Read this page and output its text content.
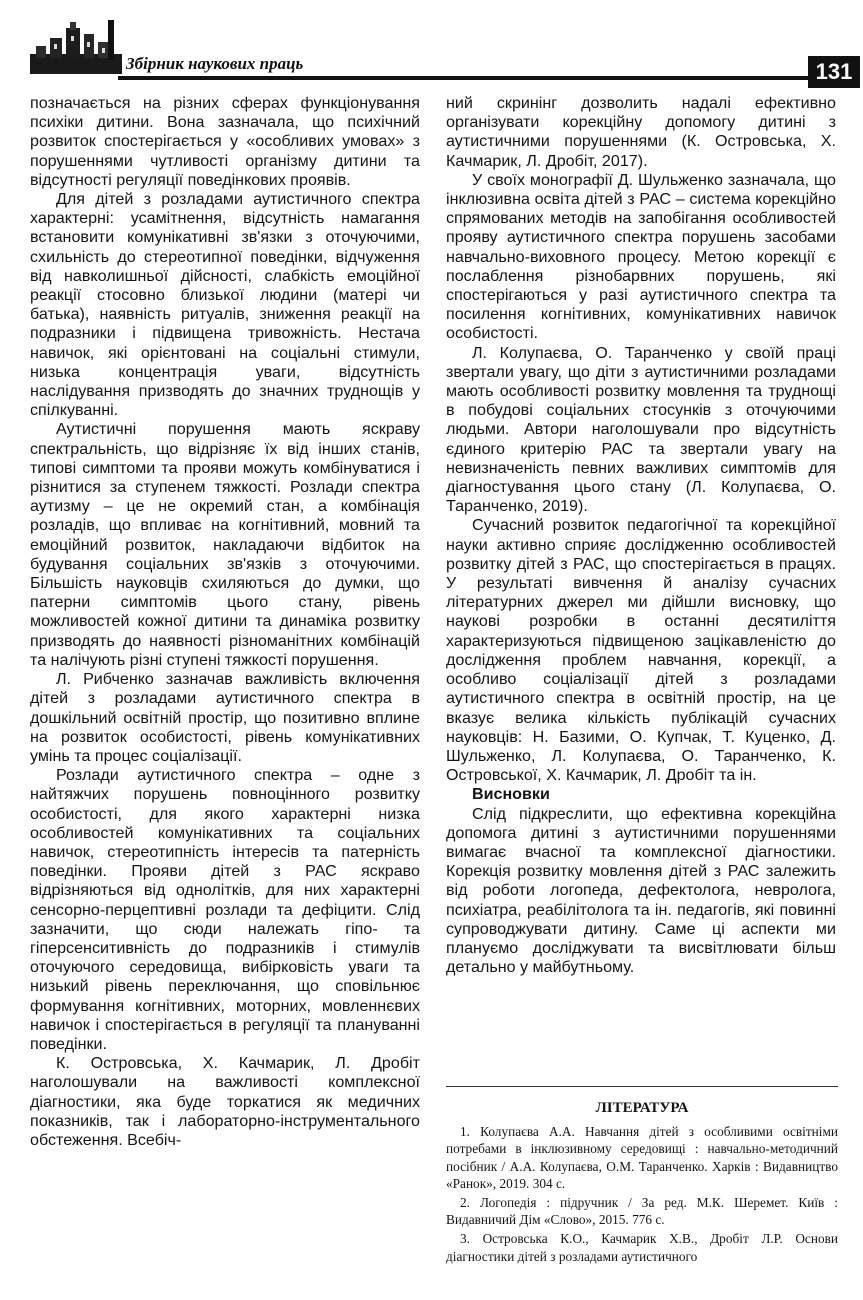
Збірник наукових праць	131

позначається на різних сферах функціонування психіки дитини. Вона зазначала, що психічний розвиток спостерігається у «особливих умовах» з порушеннями чутливості організму дитини та відсутності регуляції поведінкових проявів.

Для дітей з розладами аутистичного спектра характерні: усамітнення, відсутність намагання встановити комунікативні зв'язки з оточуючими, схильність до стереотипної поведінки, відчуження від навколишньої дійсності, слабкість емоційної реакції стосовно близької людини (матері чи батька), наявність ритуалів, зниження реакції на подразники і підвищена тривожність. Нестача навичок, які орієнтовані на соціальні стимули, низька концентрація уваги, відсутність наслідування призводять до значних труднощів у спілкуванні.

Аутистичні порушення мають яскраву спектральність, що відрізняє їх від інших станів, типові симптоми та прояви можуть комбінуватися і різнитися за ступенем тяжкості. Розлади спектра аутизму – це не окремий стан, а комбінація розладів, що впливає на когнітивний, мовний та емоційний розвиток, накладаючи відбиток на будування соціальних зв'язків з оточуючими. Більшість науковців схиляються до думки, що патерни симптомів цього стану, рівень можливостей кожної дитини та динаміка розвитку призводять до наявності різноманітних комбінацій та налічують різні ступені тяжкості порушення.

Л. Рибченко зазначав важливість включення дітей з розладами аутистичного спектра в дошкільний освітній простір, що позитивно вплине на розвиток особистості, рівень комунікативних умінь та процес соціалізації.

Розлади аутистичного спектра – одне з найтяжчих порушень повноцінного розвитку особистості, для якого характерні низка особливостей комунікативних та соціальних навичок, стереотипність інтересів та патерність поведінки. Прояви дітей з РАС яскраво відрізняються від однолітків, для них характерні сенсорно-перцептивні розлади та дефіцити. Слід зазначити, що сюди належать гіпо- та гіперсенситивність до подразників і стимулів оточуючого середовища, вибірковість уваги та низький рівень переключання, що сповільнює формування когнітивних, моторних, мовленнєвих навичок і спостерігається в регуляції та плануванні поведінки.

К. Островська, Х. Качмарик, Л. Дробіт наголошували на важливості комплексної діагностики, яка буде торкатися як медичних показників, так і лабораторно-інструментального обстеження. Всебіч-

ний скринінг дозволить надалі ефективно організувати корекційну допомогу дитині з аутистичними порушеннями (К. Островська, Х. Качмарик, Л. Дробіт, 2017).

У своїх монографії Д. Шульженко зазначала, що інклюзивна освіта дітей з РАС – система корекційно спрямованих методів на запобігання особливостей прояву аутистичного спектра порушень засобами навчально-виховного процесу. Метою корекції є послаблення різнобарвних порушень, які спостерігаються у разі аутистичного спектра та посилення когнітивних, комунікативних навичок особистості.

Л. Колупаєва, О. Таранченко у своїй праці звертали увагу, що діти з аутистичними розладами мають особливості розвитку мовлення та труднощі в побудові соціальних стосунків з оточуючими людьми. Автори наголошували про відсутність єдиного критерію РАС та звертали увагу на невизначеність певних важливих симптомів для діагностування цього стану (Л. Колупаєва, О. Таранченко, 2019).

Сучасний розвиток педагогічної та корекційної науки активно сприяє дослідженню особливостей розвитку дітей з РАС, що спостерігається в працях. У результаті вивчення й аналізу сучасних літературних джерел ми дійшли висновку, що наукові розробки в останні десятиліття характеризуються підвищеною зацікавленістю до дослідження проблем навчання, корекції, а особливо соціалізації дітей з розладами аутистичного спектра в освітній простір, на це вказує велика кількість публікацій сучасних науковців: Н. Базими, О. Купчак, Т. Куценко, Д. Шульженко, Л. Колупаєва, О. Таранченко, К. Островської, Х. Качмарик, Л. Дробіт та ін.

Висновки

Слід підкреслити, що ефективна корекційна допомога дитині з аутистичними порушеннями вимагає вчасної та комплексної діагностики. Корекція розвитку мовлення дітей з РАС залежить від роботи логопеда, дефектолога, невролога, психіатра, реабілітолога та ін. педагогів, які повинні супроводжувати дитину. Саме ці аспекти ми плануємо досліджувати та висвітлювати більш детально у майбутньому.

ЛІТЕРАТУРА

1. Колупаєва А.А. Навчання дітей з особливими освітніми потребами в інклюзивному середовищі : навчально-методичний посібник / А.А. Колупаєва, О.М. Таранченко. Харків : Видавництво «Ранок», 2019. 304 с.

2. Логопедія : підручник / За ред. М.К. Шеремет. Київ : Видавничий Дім «Слово», 2015. 776 с.

3. Островська К.О., Качмарик Х.В., Дробіт Л.Р. Основи діагностики дітей з розладами аутистичного
